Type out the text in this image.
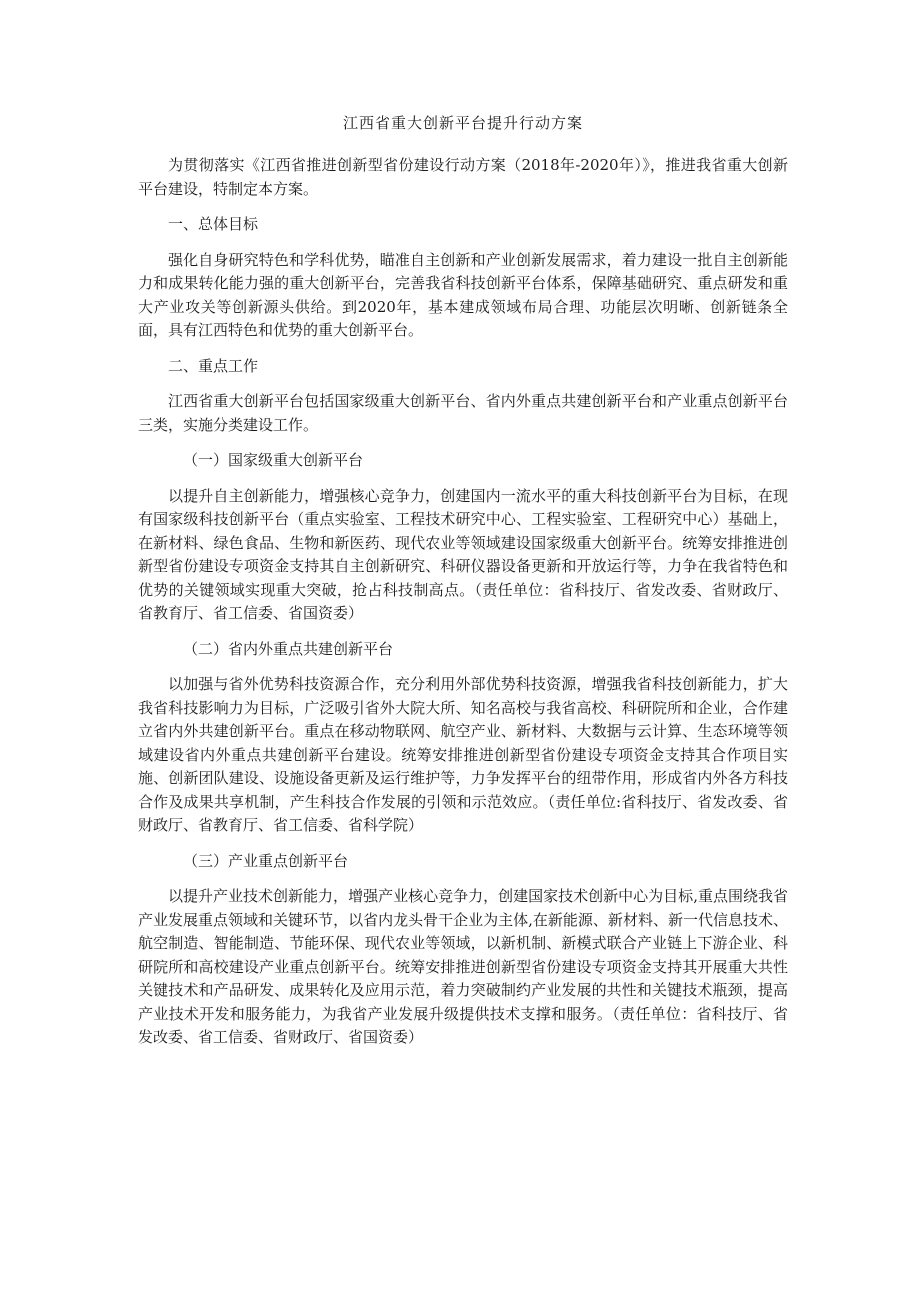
江西省重大创新平台提升行动方案

为贯彻落实《江西省推进创新型省份建设行动方案（2018年-2020年）》，推进我省重大创新平台建设，特制定本方案。

一、总体目标

强化自身研究特色和学科优势，瞄准自主创新和产业创新发展需求，着力建设一批自主创新能力和成果转化能力强的重大创新平台，完善我省科技创新平台体系，保障基础研究、重点研发和重大产业攻关等创新源头供给。到2020年，基本建成领域布局合理、功能层次明晰、创新链条全面，具有江西特色和优势的重大创新平台。

二、重点工作

江西省重大创新平台包括国家级重大创新平台、省内外重点共建创新平台和产业重点创新平台三类，实施分类建设工作。

（一）国家级重大创新平台

以提升自主创新能力，增强核心竞争力，创建国内一流水平的重大科技创新平台为目标，在现有国家级科技创新平台（重点实验室、工程技术研究中心、工程实验室、工程研究中心）基础上，在新材料、绿色食品、生物和新医药、现代农业等领域建设国家级重大创新平台。统筹安排推进创新型省份建设专项资金支持其自主创新研究、科研仪器设备更新和开放运行等，力争在我省特色和优势的关键领域实现重大突破，抢占科技制高点。（责任单位：省科技厅、省发改委、省财政厅、省教育厅、省工信委、省国资委）

（二）省内外重点共建创新平台

以加强与省外优势科技资源合作，充分利用外部优势科技资源，增强我省科技创新能力，扩大我省科技影响力为目标，广泛吸引省外大院大所、知名高校与我省高校、科研院所和企业，合作建立省内外共建创新平台。重点在移动物联网、航空产业、新材料、大数据与云计算、生态环境等领域建设省内外重点共建创新平台建设。统筹安排推进创新型省份建设专项资金支持其合作项目实施、创新团队建设、设施设备更新及运行维护等，力争发挥平台的纽带作用，形成省内外各方科技合作及成果共享机制，产生科技合作发展的引领和示范效应。（责任单位:省科技厅、省发改委、省财政厅、省教育厅、省工信委、省科学院）

（三）产业重点创新平台

以提升产业技术创新能力，增强产业核心竞争力，创建国家技术创新中心为目标,重点围绕我省产业发展重点领域和关键环节，以省内龙头骨干企业为主体,在新能源、新材料、新一代信息技术、航空制造、智能制造、节能环保、现代农业等领域，以新机制、新模式联合产业链上下游企业、科研院所和高校建设产业重点创新平台。统筹安排推进创新型省份建设专项资金支持其开展重大共性关键技术和产品研发、成果转化及应用示范，着力突破制约产业发展的共性和关键技术瓶颈，提高产业技术开发和服务能力，为我省产业发展升级提供技术支撑和服务。（责任单位：省科技厅、省发改委、省工信委、省财政厅、省国资委）
